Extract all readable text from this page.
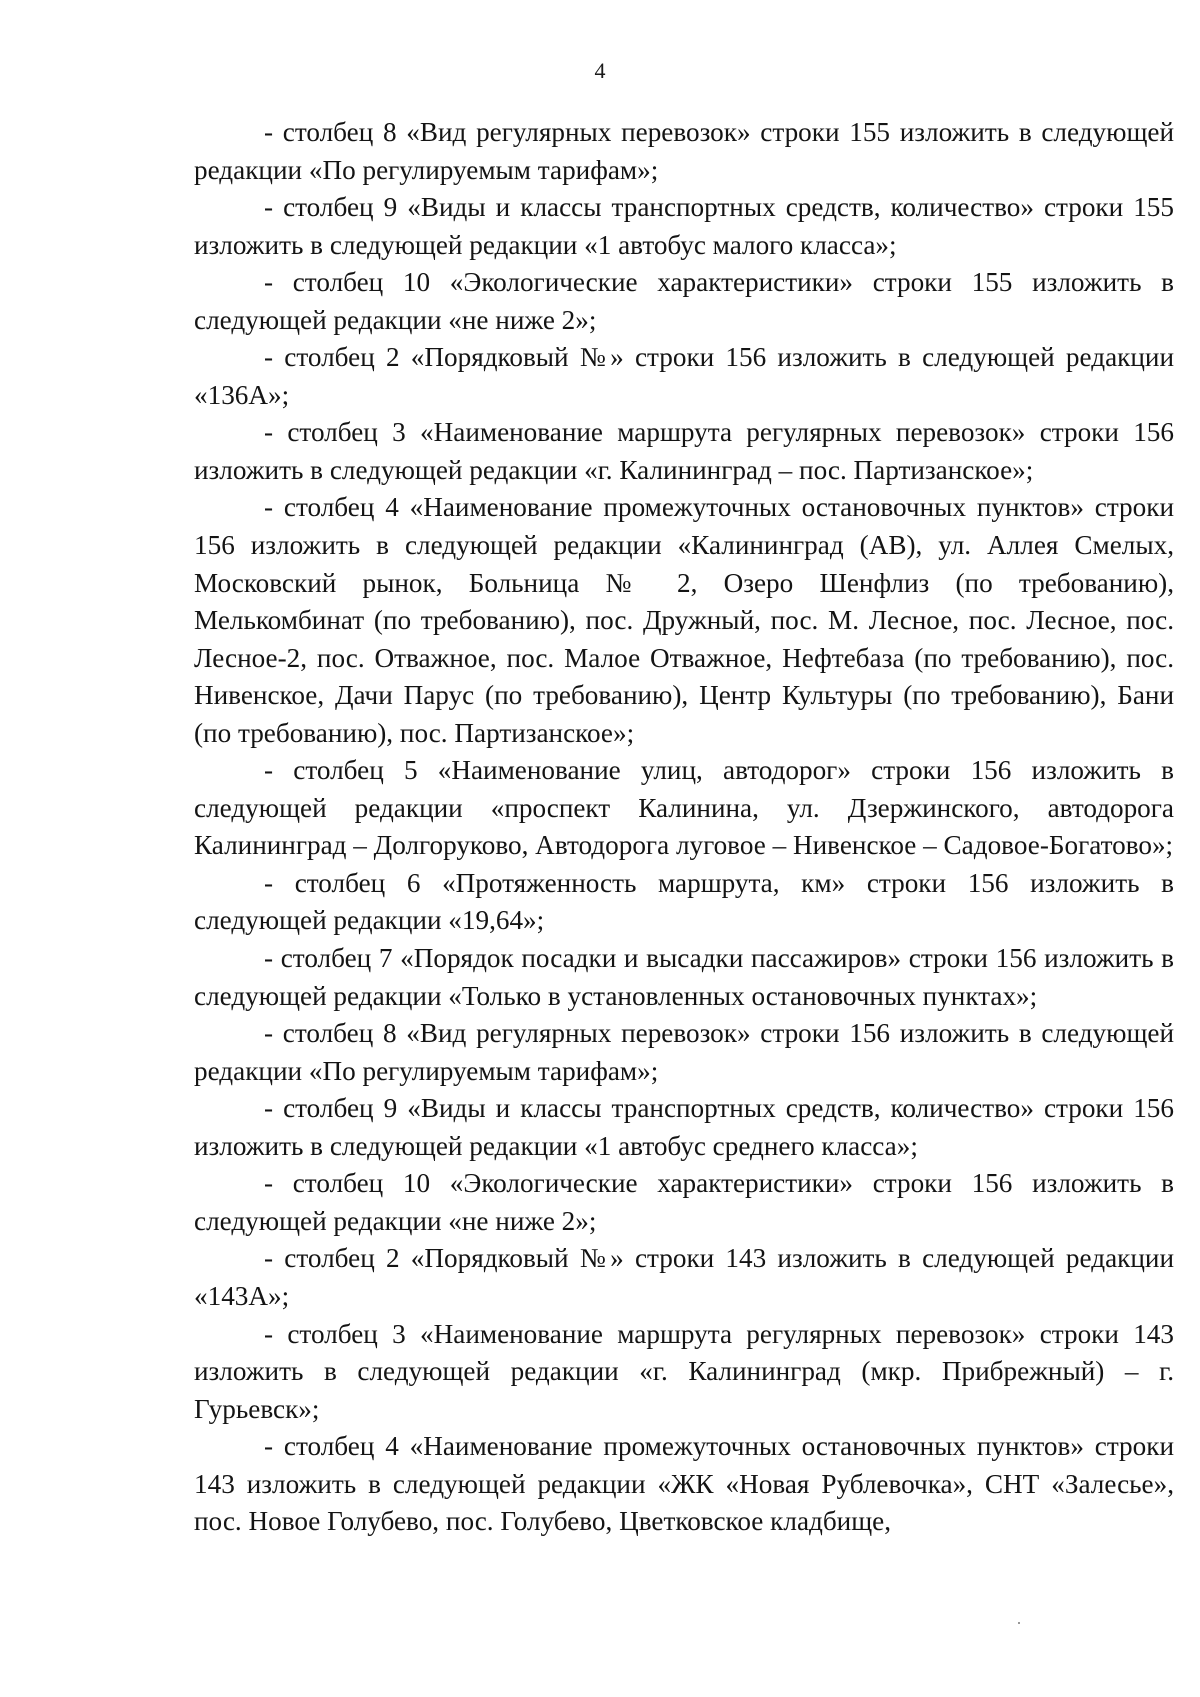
4

- столбец 8 «Вид регулярных перевозок» строки 155 изложить в следующей редакции «По регулируемым тарифам»;

- столбец 9 «Виды и классы транспортных средств, количество» строки 155 изложить в следующей редакции «1 автобус малого класса»;

- столбец 10 «Экологические характеристики» строки 155 изложить в следующей редакции «не ниже 2»;

- столбец 2 «Порядковый №» строки 156 изложить в следующей редакции «136А»;

- столбец 3 «Наименование маршрута регулярных перевозок» строки 156 изложить в следующей редакции «г. Калининград – пос. Партизанское»;

- столбец 4 «Наименование промежуточных остановочных пунктов» строки 156 изложить в следующей редакции «Калининград (АВ), ул. Аллея Смелых, Московский рынок, Больница № 2, Озеро Шенфлиз (по требованию), Мелькомбинат (по требованию), пос. Дружный, пос. М. Лесное, пос. Лесное, пос. Лесное-2, пос. Отважное, пос. Малое Отважное, Нефтебаза (по требованию), пос. Нивенское, Дачи Парус (по требованию), Центр Культуры (по требованию), Бани (по требованию), пос. Партизанское»;

- столбец 5 «Наименование улиц, автодорог» строки 156 изложить в следующей редакции «проспект Калинина, ул. Дзержинского, автодорога Калининград – Долгоруково, Автодорога луговое – Нивенское – Садовое-Богатово»;

- столбец 6 «Протяженность маршрута, км» строки 156 изложить в следующей редакции «19,64»;

- столбец 7 «Порядок посадки и высадки пассажиров» строки 156 изложить в следующей редакции «Только в установленных остановочных пунктах»;

- столбец 8 «Вид регулярных перевозок» строки 156 изложить в следующей редакции «По регулируемым тарифам»;

- столбец 9 «Виды и классы транспортных средств, количество» строки 156 изложить в следующей редакции «1 автобус среднего класса»;

- столбец 10 «Экологические характеристики» строки 156 изложить в следующей редакции «не ниже 2»;

- столбец 2 «Порядковый №» строки 143 изложить в следующей редакции «143А»;

- столбец 3 «Наименование маршрута регулярных перевозок» строки 143 изложить в следующей редакции «г. Калининград (мкр. Прибрежный) – г. Гурьевск»;

- столбец 4 «Наименование промежуточных остановочных пунктов» строки 143 изложить в следующей редакции «ЖК «Новая Рублевочка», СНТ «Залесье», пос. Новое Голубево, пос. Голубево, Цветковское кладбище,
